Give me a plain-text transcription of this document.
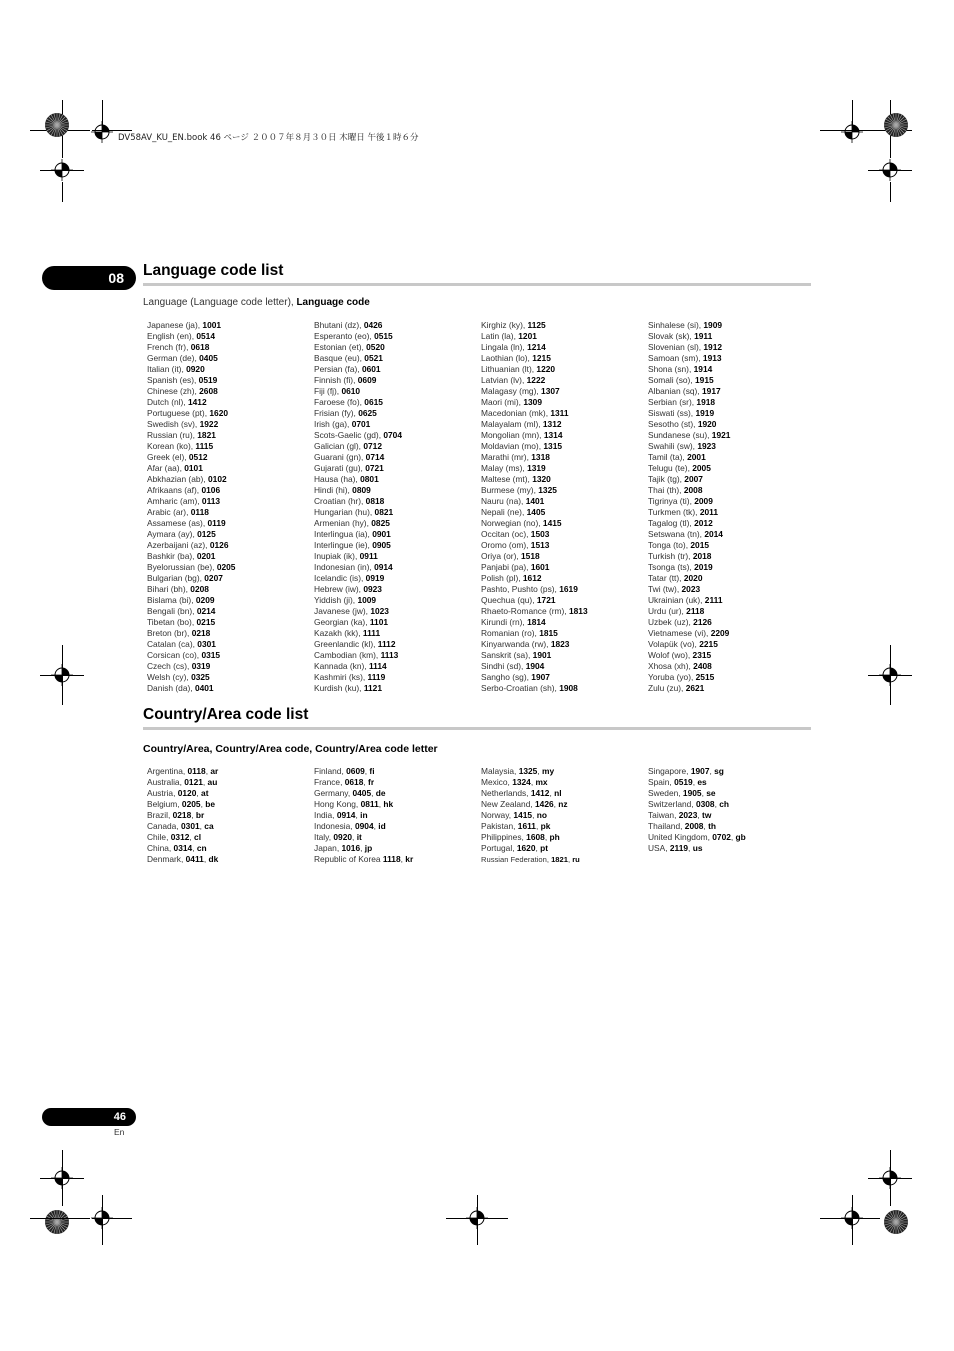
DV58AV_KU_EN.book 46 ページ ２００７年８月３０日 木曜日 午後１時６分
08	Language code list
Language (Language code letter), Language code
Japanese (ja), 1001
English (en), 0514
French (fr), 0618
German (de), 0405
Italian (it), 0920
Spanish (es), 0519
Chinese (zh), 2608
Dutch (nl), 1412
Portuguese (pt), 1620
Swedish (sv), 1922
Russian (ru), 1821
Korean (ko), 1115
Greek (el), 0512
Afar (aa), 0101
Abkhazian (ab), 0102
Afrikaans (af), 0106
Amharic (am), 0113
Arabic (ar), 0118
Assamese (as), 0119
Aymara (ay), 0125
Azerbaijani (az), 0126
Bashkir (ba), 0201
Byelorussian (be), 0205
Bulgarian (bg), 0207
Bihari (bh), 0208
Bislama (bi), 0209
Bengali (bn), 0214
Tibetan (bo), 0215
Breton (br), 0218
Catalan (ca), 0301
Corsican (co), 0315
Czech (cs), 0319
Welsh (cy), 0325
Danish (da), 0401
Bhutani (dz), 0426
Esperanto (eo), 0515
Estonian (et), 0520
Basque (eu), 0521
Persian (fa), 0601
Finnish (fi), 0609
Fiji (fj), 0610
Faroese (fo), 0615
Frisian (fy), 0625
Irish (ga), 0701
Scots-Gaelic (gd), 0704
Galician (gl), 0712
Guarani (gn), 0714
Gujarati (gu), 0721
Hausa (ha), 0801
Hindi (hi), 0809
Croatian (hr), 0818
Hungarian (hu), 0821
Armenian (hy), 0825
Interlingua (ia), 0901
Interlingue (ie), 0905
Inupiak (ik), 0911
Indonesian (in), 0914
Icelandic (is), 0919
Hebrew (iw), 0923
Yiddish (ji), 1009
Javanese (jw), 1023
Georgian (ka), 1101
Kazakh (kk), 1111
Greenlandic (kl), 1112
Cambodian (km), 1113
Kannada (kn), 1114
Kashmiri (ks), 1119
Kurdish (ku), 1121
Kirghiz (ky), 1125
Latin (la), 1201
Lingala (ln), 1214
Laothian (lo), 1215
Lithuanian (lt), 1220
Latvian (lv), 1222
Malagasy (mg), 1307
Maori (mi), 1309
Macedonian (mk), 1311
Malayalam (ml), 1312
Mongolian (mn), 1314
Moldavian (mo), 1315
Marathi (mr), 1318
Malay (ms), 1319
Maltese (mt), 1320
Burmese (my), 1325
Nauru (na), 1401
Nepali (ne), 1405
Norwegian (no), 1415
Occitan (oc), 1503
Oromo (om), 1513
Oriya (or), 1518
Panjabi (pa), 1601
Polish (pl), 1612
Pashto, Pushto (ps), 1619
Quechua (qu), 1721
Rhaeto-Romance (rm), 1813
Kirundi (rn), 1814
Romanian (ro), 1815
Kinyarwanda (rw), 1823
Sanskrit (sa), 1901
Sindhi (sd), 1904
Sangho (sg), 1907
Serbo-Croatian (sh), 1908
Sinhalese (si), 1909
Slovak (sk), 1911
Slovenian (sl), 1912
Samoan (sm), 1913
Shona (sn), 1914
Somali (so), 1915
Albanian (sq), 1917
Serbian (sr), 1918
Siswati (ss), 1919
Sesotho (st), 1920
Sundanese (su), 1921
Swahili (sw), 1923
Tamil (ta), 2001
Telugu (te), 2005
Tajik (tg), 2007
Thai (th), 2008
Tigrinya (ti), 2009
Turkmen (tk), 2011
Tagalog (tl), 2012
Setswana (tn), 2014
Tonga (to), 2015
Turkish (tr), 2018
Tsonga (ts), 2019
Tatar (tt), 2020
Twi (tw), 2023
Ukrainian (uk), 2111
Urdu (ur), 2118
Uzbek (uz), 2126
Vietnamese (vi), 2209
Volapük (vo), 2215
Wolof (wo), 2315
Xhosa (xh), 2408
Yoruba (yo), 2515
Zulu (zu), 2621
Country/Area code list
Country/Area, Country/Area code, Country/Area code letter
Argentina, 0118, ar
Australia, 0121, au
Austria, 0120, at
Belgium, 0205, be
Brazil, 0218, br
Canada, 0301, ca
Chile, 0312, cl
China, 0314, cn
Denmark, 0411, dk
Finland, 0609, fi
France, 0618, fr
Germany, 0405, de
Hong Kong, 0811, hk
India, 0914, in
Indonesia, 0904, id
Italy, 0920, it
Japan, 1016, jp
Republic of Korea 1118, kr
Malaysia, 1325, my
Mexico, 1324, mx
Netherlands, 1412, nl
New Zealand, 1426, nz
Norway, 1415, no
Pakistan, 1611, pk
Philippines, 1608, ph
Portugal, 1620, pt
Russian Federation, 1821, ru
Singapore, 1907, sg
Spain, 0519, es
Sweden, 1905, se
Switzerland, 0308, ch
Taiwan, 2023, tw
Thailand, 2008, th
United Kingdom, 0702, gb
USA, 2119, us
46
En
